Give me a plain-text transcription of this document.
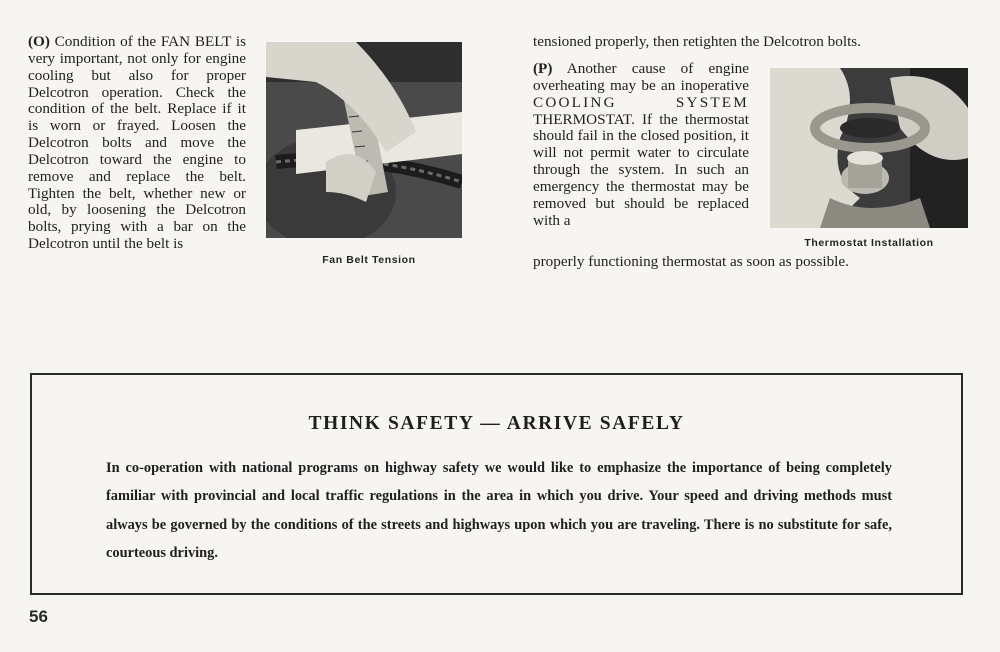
(O) Condition of the FAN BELT is very important, not only for engine cooling but also for proper Delcotron operation. Check the condition of the belt. Replace if it is worn or frayed. Loosen the Delcotron bolts and move the Delcotron toward the engine to remove and replace the belt. Tighten the belt, whether new or old, by loosening the Delcotron bolts, prying with a bar on the Delcotron until the belt is

Fan Belt Tension

tensioned properly, then retighten the Delcotron bolts.

(P) Another cause of engine overheating may be an inoperative COOLING SYSTEM THERMOSTAT. If the thermostat should fail in the closed position, it will not permit water to circulate through the system. In such an emergency the thermostat may be removed but should be replaced with a

properly functioning thermostat as soon as possible.

Thermostat Installation

THINK SAFETY — ARRIVE SAFELY

In co-operation with national programs on highway safety we would like to emphasize the importance of being completely familiar with provincial and local traffic regulations in the area in which you drive. Your speed and driving methods must always be governed by the conditions of the streets and highways upon which you are traveling. There is no substitute for safe, courteous driving.

56
